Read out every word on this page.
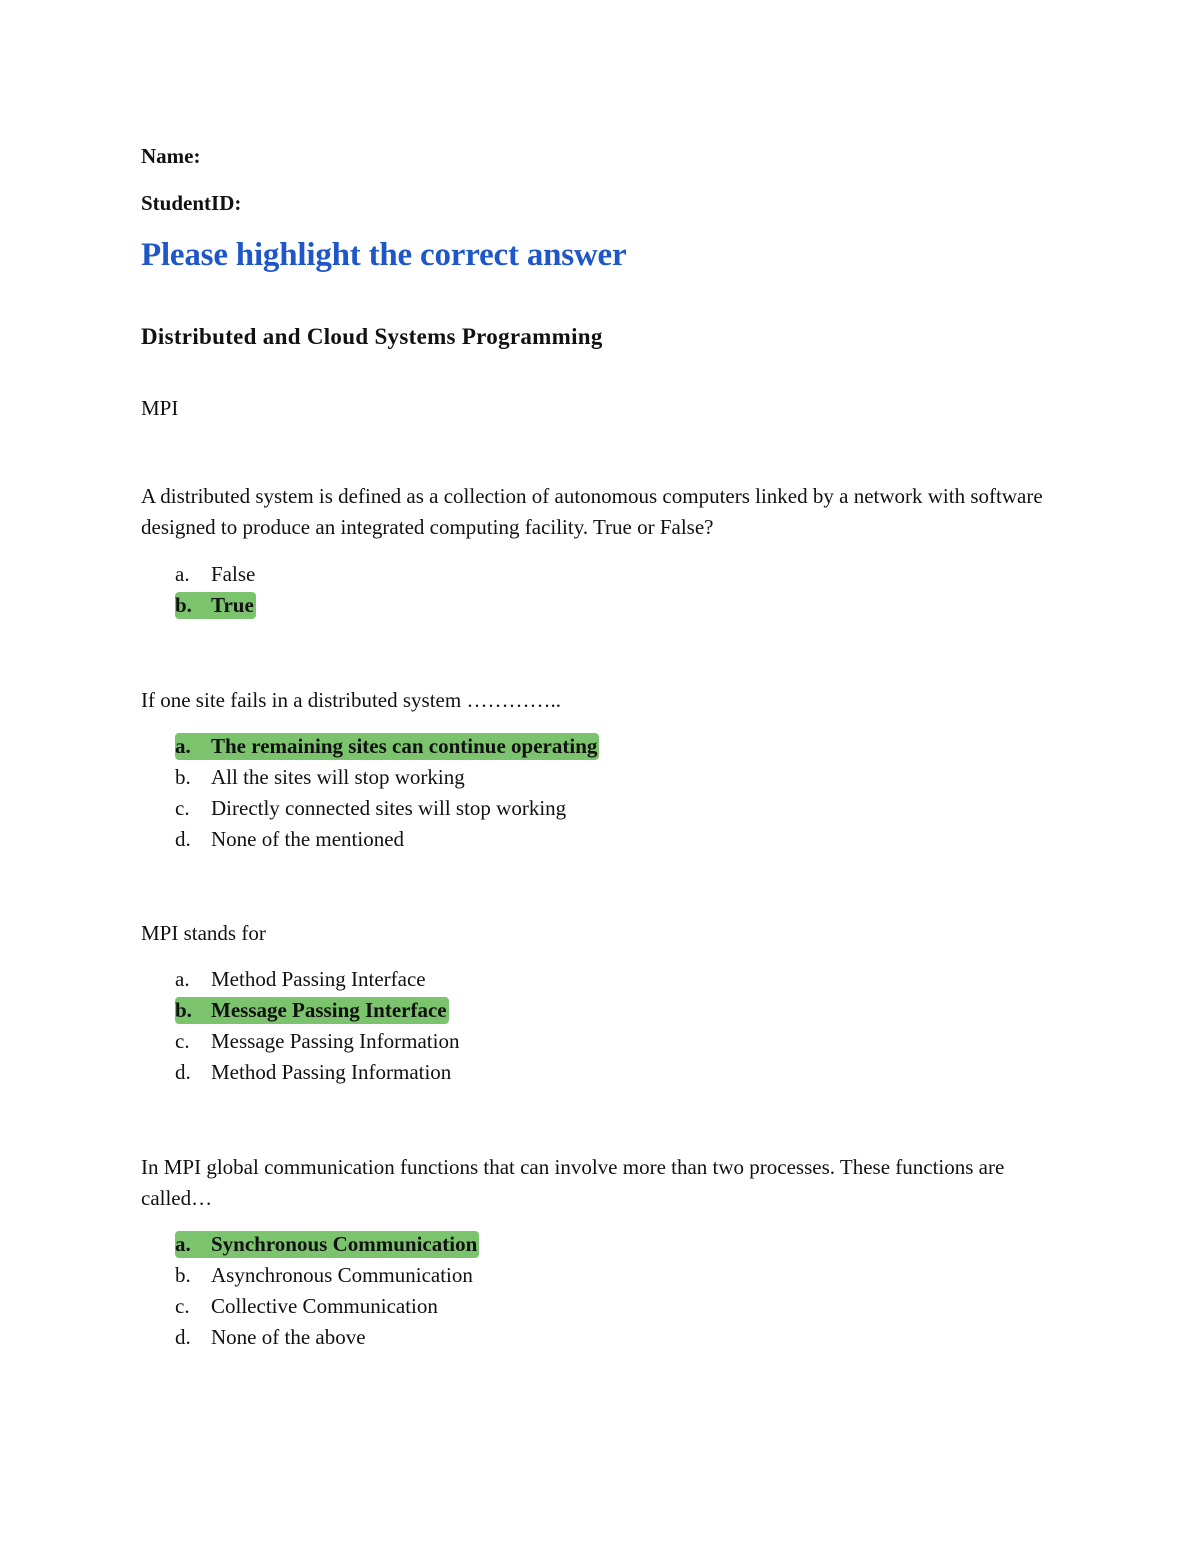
Name:
StudentID:
Please highlight the correct answer
Distributed and Cloud Systems Programming
MPI
A distributed system is defined as a collection of autonomous computers linked by a network with software designed to produce an integrated computing facility. True or False?
a. False
b. True
If one site fails in a distributed system …………..
a. The remaining sites can continue operating
b. All the sites will stop working
c. Directly connected sites will stop working
d. None of the mentioned
MPI stands for
a. Method Passing Interface
b. Message Passing Interface
c. Message Passing Information
d. Method Passing Information
In MPI global communication functions that can involve more than two processes. These functions are called…
a. Synchronous Communication
b. Asynchronous Communication
c. Collective Communication
d. None of the above
